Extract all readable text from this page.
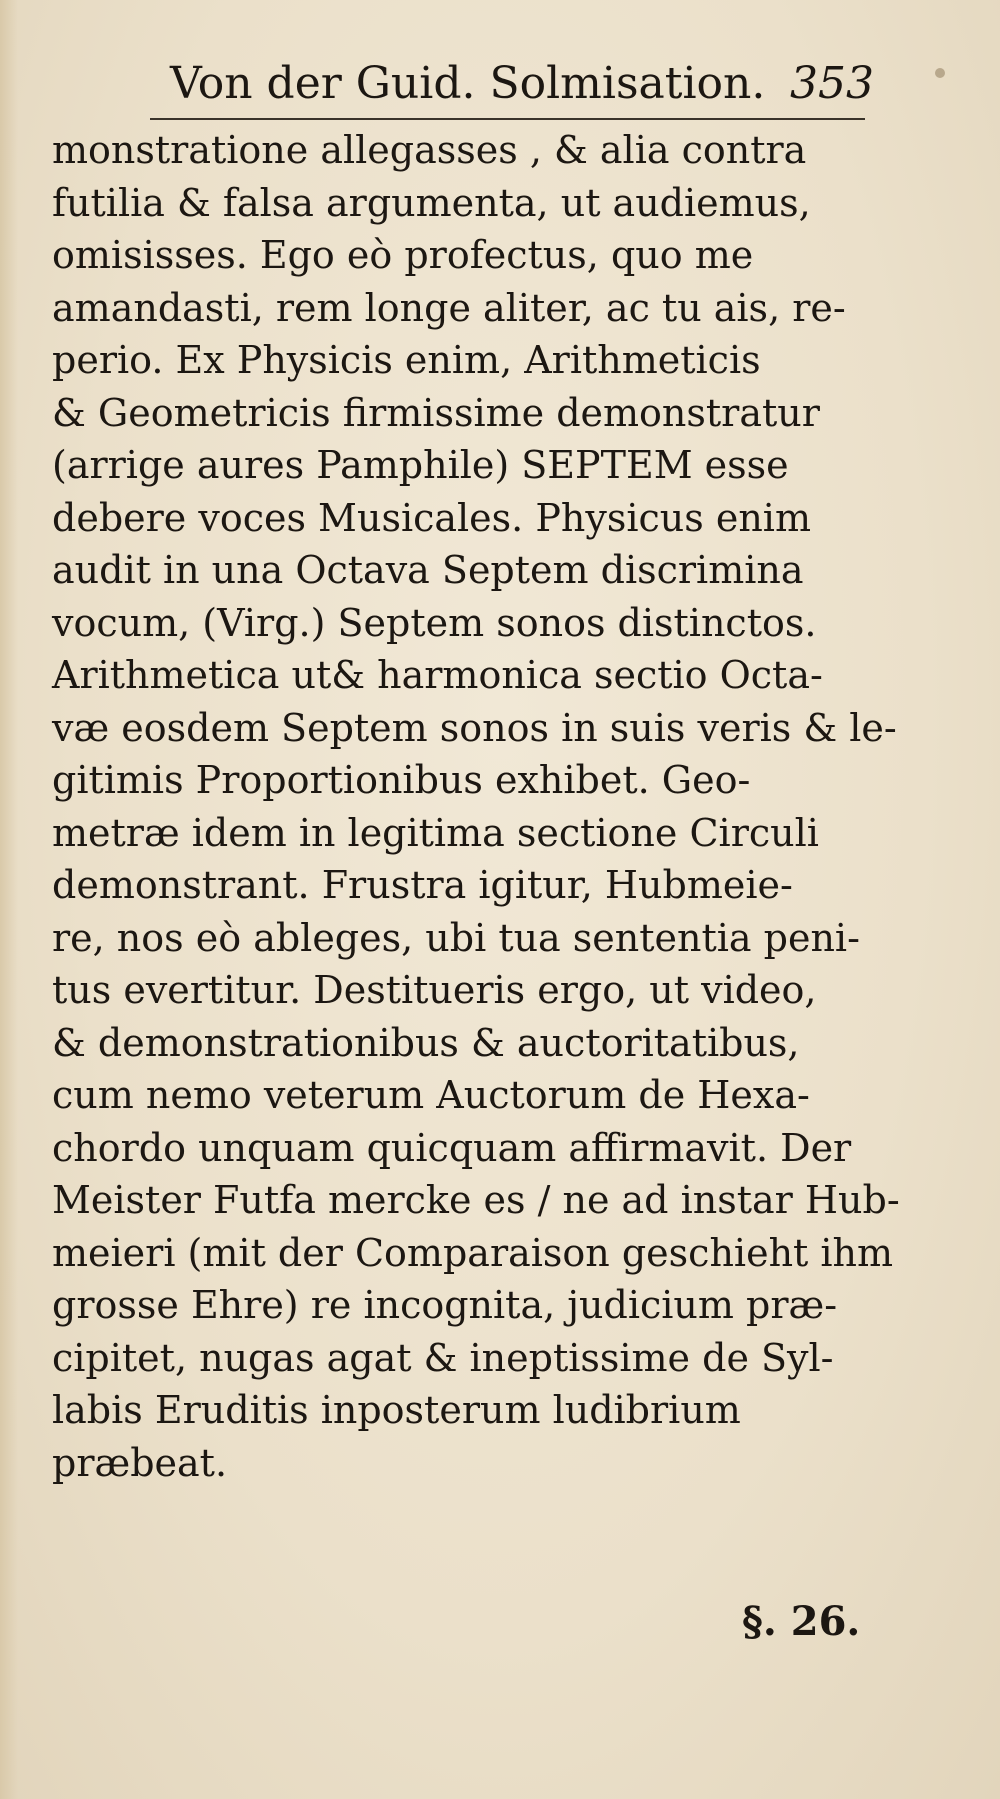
Von der Guid. Solmisation. 353
monstratione allegasses , & alia contra
futilia & falsa argumenta, ut audiemus,
omisisses. Ego eò profectus, quo me
amandasti, rem longe aliter, ac tu ais, re-
perio. Ex Physicis enim, Arithmeticis
& Geometricis firmissime demonstratur
(arrige aures Pamphile) SEPTEM esse
debere voces Musicales. Physicus enim
audit in una Octava Septem discrimina
vocum, (Virg.) Septem sonos distinctos.
Arithmetica ut& harmonica sectio Octa-
væ eosdem Septem sonos in suis veris & le-
gitimis Proportionibus exhibet. Geo-
metræ idem in legitima sectione Circuli
demonstrant. Frustra igitur, Hubmeie-
re, nos eò ableges, ubi tua sententia peni-
tus evertitur. Destitueris ergo, ut video,
& demonstrationibus & auctoritatibus,
cum nemo veterum Auctorum de Hexa-
chordo unquam quicquam affirmavit. Der
Meister Futfa mercke es / ne ad instar Hub-
meieri (mit der Comparaison geschieht ihm
grosse Ehre) re incognita, judicium præ-
cipitet, nugas agat & ineptissime de Syl-
labis Eruditis inposterum ludibrium
præbeat.
§. 26.
